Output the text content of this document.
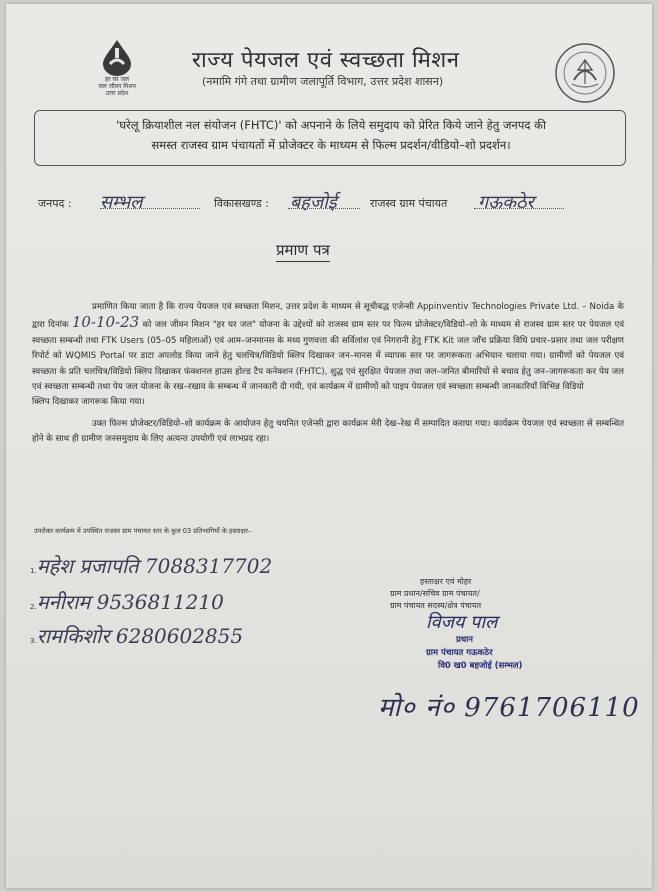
हर घर जल
जल जीवन मिशन
उत्तर प्रदेश
राज्य पेयजल एवं स्वच्छता मिशन
(नमामि गंगे तथा ग्रामीण जलापूर्ति विभाग, उत्तर प्रदेश शासन)
'घरेलू क्रियाशील नल संयोजन (FHTC)' को अपनाने के लिये समुदाय को प्रेरित किये जाने हेतु जनपद की
समस्त राजस्व ग्राम पंचायतों में प्रोजेक्टर के माध्यम से फिल्म प्रदर्शन/वीडियो–शो प्रदर्शन।
जनपद : सम्भल	विकासखण्ड : बहजोई	राजस्व ग्राम पंचायत गऊकठेर
प्रमाण पत्र

प्रमाणित किया जाता है कि राज्य पेयजल एवं स्वच्छता मिशन, उत्तर प्रदेश के माध्यम से सूचीबद्ध एजेन्सी Appinventiv Technologies Private Ltd. – Noida के द्वारा दिनांक 10-10-23 को जल जीवन मिशन "हर घर जल" योजना के उद्देश्यों को राजस्व ग्राम स्तर पर फिल्म प्रोजेक्टर/विडियो–शो के माध्यम से राजस्व ग्राम स्तर पर पेयजल एवं स्वच्छता सम्बन्धी तथा FTK Users (05–05 महिलाओं) एवं आम–जनमानस के मध्य गुणवत्ता की सर्विलांश एवं निगरानी हेतु FTK Kit जल जाँच प्रक्रिया विधि प्रचार–प्रसार तथा जल परीक्षण रिपोर्ट को WQMIS Portal पर डाटा अपलोड किया जाने हेतु चलचित्र/विडियो क्लिप दिखाकर जन–मानस में व्यापक स्तर पर जागरूकता अभियान चलाया गया। ग्रामीणों को पेयजल एवं स्वच्छता के प्रति चलचित्र/विडियो क्लिप दिखाकर फंक्शनल हाउस होल्ड टैप कनेक्शन (FHTC), शुद्ध एवं सुरक्षित पेयजल तथा जल–जनित बीमारियों से बचाव हेतु जन–जागरूकता कर पेय जल एवं स्वच्छता सम्बन्धी तथा पेय जल योजना के रख–रखाव के सम्बन्ध में जानकारी दी गयी, एवं कार्यक्रम में ग्रामीणों को पाइप पेयजल एवं स्वच्छता सम्बन्धी जानकारियाँ विभिन्न विडियो

क्लिप दिखाकर जागरूक किया गया।

उक्त फिल्म प्रोजेक्टर/विडियो–शो कार्यक्रम के आयोजन हेतु चयनित एजेन्सी द्वारा कार्यक्रम मेरी देख–रेख में सम्पादित कराया गया। कार्यक्रम पेयजल एवं स्वच्छता से सम्बन्धित होने के साथ ही ग्रामीण जनसमुदाय के लिए अत्यन्त उपयोगी एवं लाभप्रद रहा।

उपरोक्त कार्यक्रम में उपस्थित राजस्व ग्राम पंचायत स्तर के कुल 03 प्रतिभागियों के हस्ताक्षर–
1.महेश प्रजापति 7088317702
2.मनीराम 9536811210
3.रामकिशोर 6280602855
हस्ताक्षर एवं मोहर
ग्राम प्रधान/सचिव ग्राम पंचायत/
ग्राम पंचायत सदस्य/क्षेत्र पंचायत
विजय पाल
प्रधान
ग्राम पंचायत गऊकठेर
वि0 ख0 बहजोई (सम्भल)
मो० नं० 9761706110
